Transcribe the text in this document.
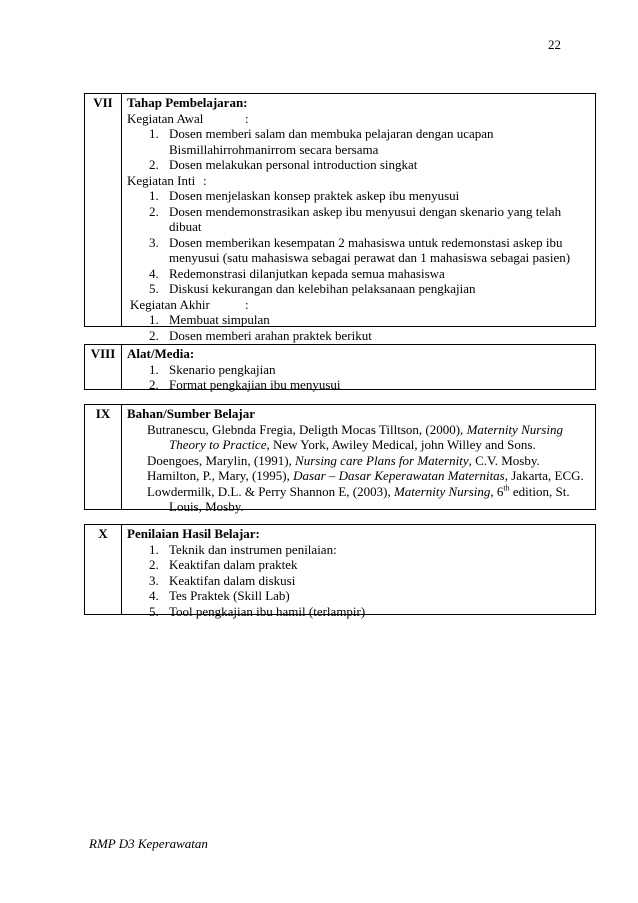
22
VII	Tahap Pembelajaran:
Kegiatan Awal	:
1. Dosen memberi salam dan membuka pelajaran dengan ucapan
Bismillahirrohmanirrom secara bersama
2. Dosen melakukan personal introduction singkat
Kegiatan Inti :
1. Dosen menjelaskan konsep praktek askep ibu menyusui
2. Dosen mendemonstrasikan askep ibu menyusui dengan skenario yang telah
dibuat
3. Dosen memberikan kesempatan 2 mahasiswa untuk redemonstasi askep ibu
menyusui (satu mahasiswa sebagai perawat dan 1 mahasiswa sebagai pasien)
4. Redemonstrasi dilanjutkan kepada semua mahasiswa
5. Diskusi kekurangan dan kelebihan pelaksanaan pengkajian
Kegiatan Akhir	:
1. Membuat simpulan
2. Dosen memberi arahan praktek berikut
VIII Alat/Media:
1. Skenario pengkajian
2. Format pengkajian ibu menyusui
IX	Bahan/Sumber Belajar
Butranescu, Glebnda Fregia, Deligth Mocas Tilltson, (2000), Maternity Nursing
Theory to Practice, New York, Awiley Medical, john Willey and Sons.
Doengoes, Marylin, (1991), Nursing care Plans for Maternity, C.V. Mosby.
Hamilton, P., Mary, (1995), Dasar – Dasar Keperawatan Maternitas, Jakarta, ECG.
Lowdermilk, D.L. & Perry Shannon E, (2003), Maternity Nursing, 6th edition, St.
Louis, Mosby.
X	Penilaian Hasil Belajar:
1. Teknik dan instrumen penilaian:
2. Keaktifan dalam praktek
3. Keaktifan dalam diskusi
4. Tes Praktek (Skill Lab)
5. Tool pengkajian ibu hamil (terlampir)
RMP D3 Keperawatan
